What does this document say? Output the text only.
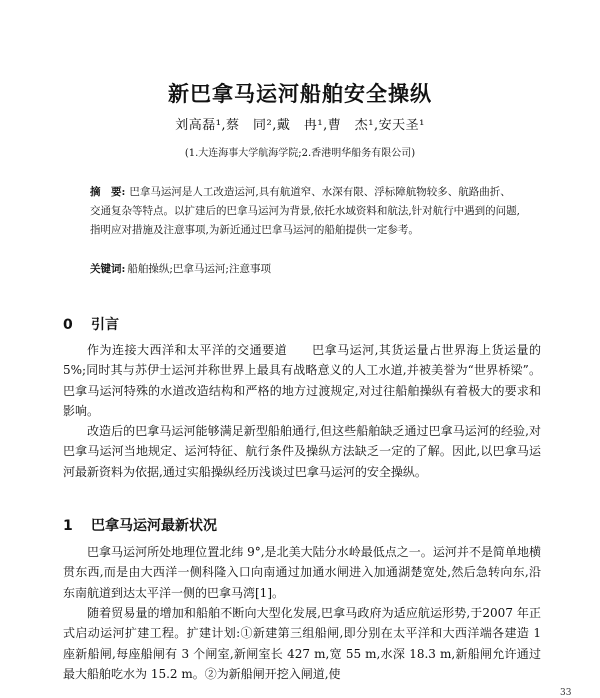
新巴拿马运河船舶安全操纵
刘高磊¹,蔡　同²,戴　冉¹,曹　杰¹,安天圣¹
(1.大连海事大学航海学院;2.香港明华船务有限公司)

摘　要: 巴拿马运河是人工改造运河,具有航道窄、水深有限、浮标障航物较多、航路曲折、交通复杂等特点。以扩建后的巴拿马运河为背景,依托水域资料和航法,针对航行中遇到的问题,指明应对措施及注意事项,为新近通过巴拿马运河的船舶提供一定参考。

关键词: 船舶操纵;巴拿马运河;注意事项
0 引言

作为连接大西洋和太平洋的交通要道　　巴拿马运河,其货运量占世界海上货运量的5%;同时其与苏伊士运河并称世界上最具有战略意义的人工水道,并被美誉为“世界桥梁”。巴拿马运河特殊的水道改造结构和严格的地方过渡规定,对过往船舶操纵有着极大的要求和影响。

改造后的巴拿马运河能够满足新型船舶通行,但这些船舶缺乏通过巴拿马运河的经验,对巴拿马运河当地规定、运河特征、航行条件及操纵方法缺乏一定的了解。因此,以巴拿马运河最新资料为依据,通过实船操纵经历浅谈过巴拿马运河的安全操纵。

1 巴拿马运河最新状况

巴拿马运河所处地理位置北纬 9°,是北美大陆分水岭最低点之一。运河并不是简单地横贯东西,而是由大西洋一侧科隆入口向南通过加通水闸进入加通湖楚宽处,然后急转向东,沿东南航道到达太平洋一侧的巴拿马湾[1]。

随着贸易量的增加和船舶不断向大型化发展,巴拿马政府为适应航运形势,于2007 年正式启动运河扩建工程。扩建计划:①新建第三组船闸,即分别在太平洋和大西洋端各建造 1 座新船闸,每座船闸有 3 个闸室,新闸室长 427 m,宽 55 m,水深 18.3 m,新船闸允许通过最大船舶吃水为 15.2 m。②为新船闸开挖入闸道,使

33
